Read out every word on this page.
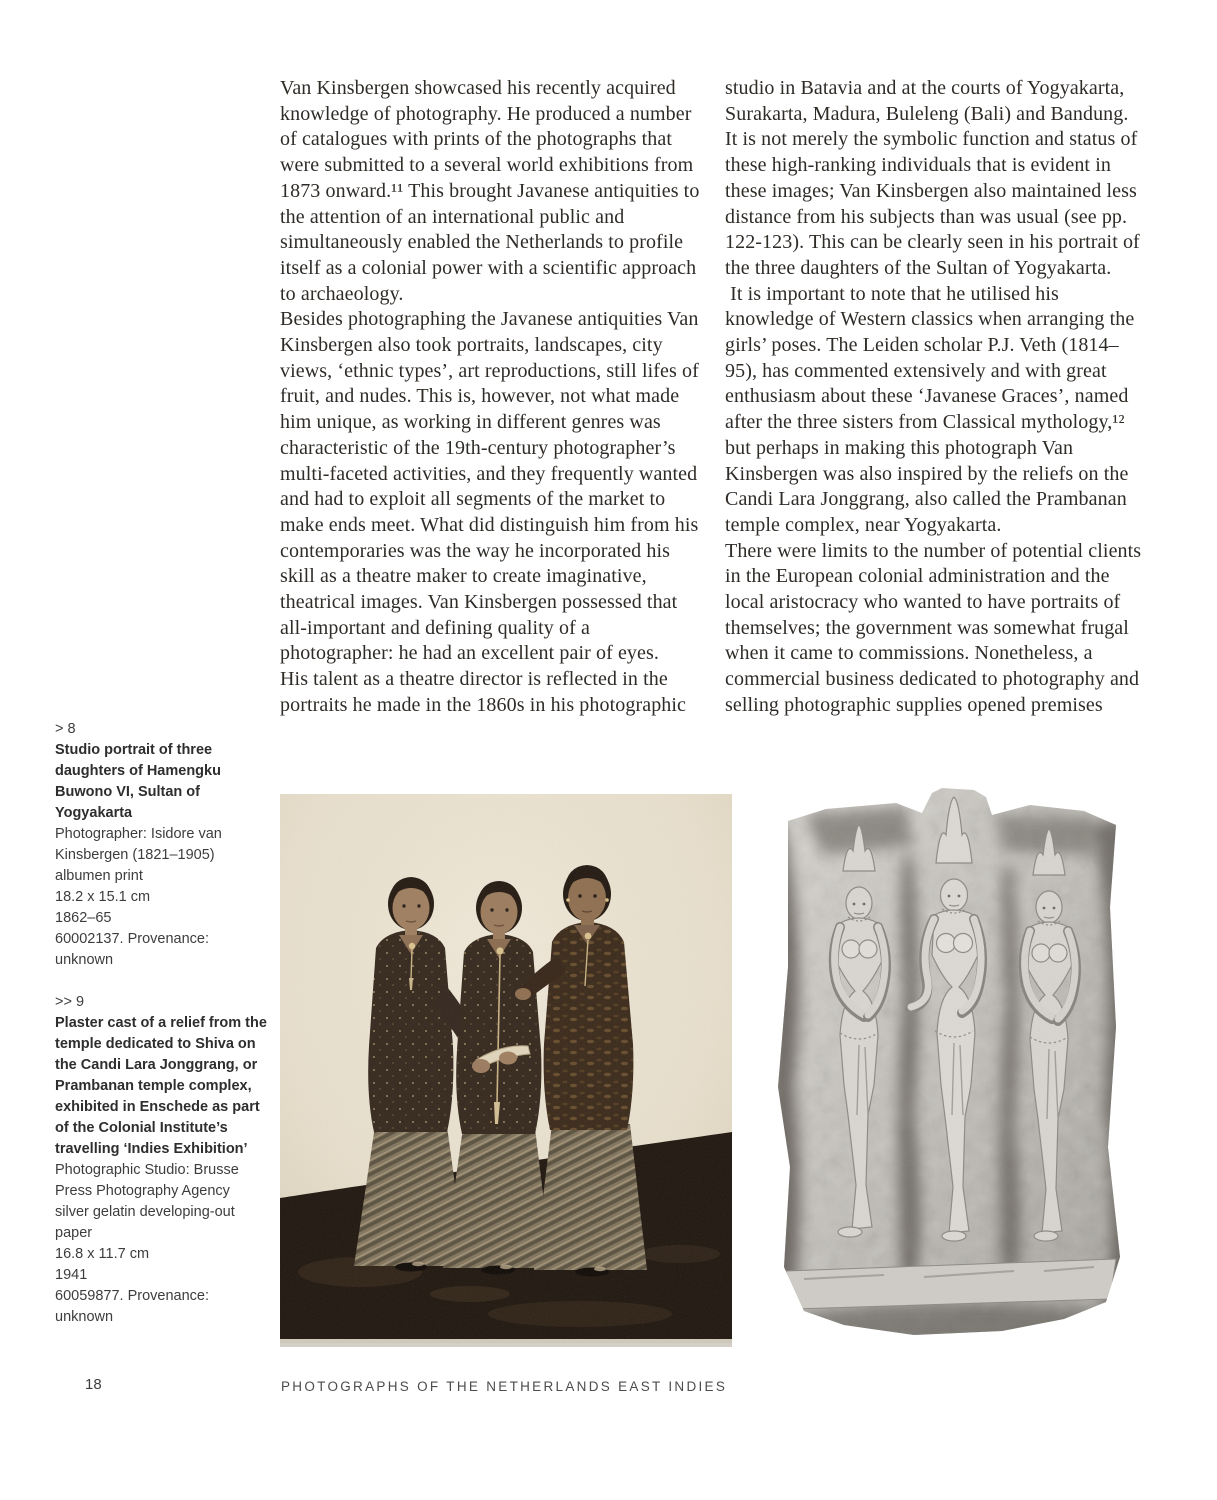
> 8
Studio portrait of three daughters of Hamengku Buwono VI, Sultan of Yogyakarta
Photographer: Isidore van Kinsbergen (1821–1905)
albumen print
18.2 x 15.1 cm
1862–65
60002137. Provenance: unknown
>> 9
Plaster cast of a relief from the temple dedicated to Shiva on the Candi Lara Jonggrang, or Prambanan temple complex, exhibited in Enschede as part of the Colonial Institute’s travelling ‘Indies Exhibition’
Photographic Studio: Brusse Press Photography Agency
silver gelatin developing-out paper
16.8 x 11.7 cm
1941
60059877. Provenance: unknown

Van Kinsbergen showcased his recently acquired knowledge of photography. He produced a number of catalogues with prints of the photographs that were submitted to a several world exhibitions from 1873 onward.¹¹ This brought Javanese antiquities to the attention of an international public and simultaneously enabled the Netherlands to profile itself as a colonial power with a scientific approach to archaeology.

Besides photographing the Javanese antiquities Van Kinsbergen also took portraits, landscapes, city views, ‘ethnic types’, art reproductions, still lifes of fruit, and nudes. This is, however, not what made him unique, as working in different genres was characteristic of the 19th-century photographer’s multi-faceted activities, and they frequently wanted and had to exploit all segments of the market to make ends meet. What did distinguish him from his contemporaries was the way he incorporated his skill as a theatre maker to create imaginative, theatrical images. Van Kinsbergen possessed that all-important and defining quality of a photographer: he had an excellent pair of eyes.

His talent as a theatre director is reflected in the portraits he made in the 1860s in his photographic

studio in Batavia and at the courts of Yogyakarta, Surakarta, Madura, Buleleng (Bali) and Bandung. It is not merely the symbolic function and status of these high-ranking individuals that is evident in these images; Van Kinsbergen also maintained less distance from his subjects than was usual (see pp. 122-123). This can be clearly seen in his portrait of the three daughters of the Sultan of Yogyakarta.

It is important to note that he utilised his knowledge of Western classics when arranging the girls’ poses. The Leiden scholar P.J. Veth (1814–95), has commented extensively and with great enthusiasm about these ‘Javanese Graces’, named after the three sisters from Classical mythology,¹² but perhaps in making this photograph Van Kinsbergen was also inspired by the reliefs on the Candi Lara Jonggrang, also called the Prambanan temple complex, near Yogyakarta.

There were limits to the number of potential clients in the European colonial administration and the local aristocracy who wanted to have portraits of themselves; the government was somewhat frugal when it came to commissions. Nonetheless, a commercial business dedicated to photography and selling photographic supplies opened premises

18	PHOTOGRAPHS OF THE NETHERLANDS EAST INDIES
